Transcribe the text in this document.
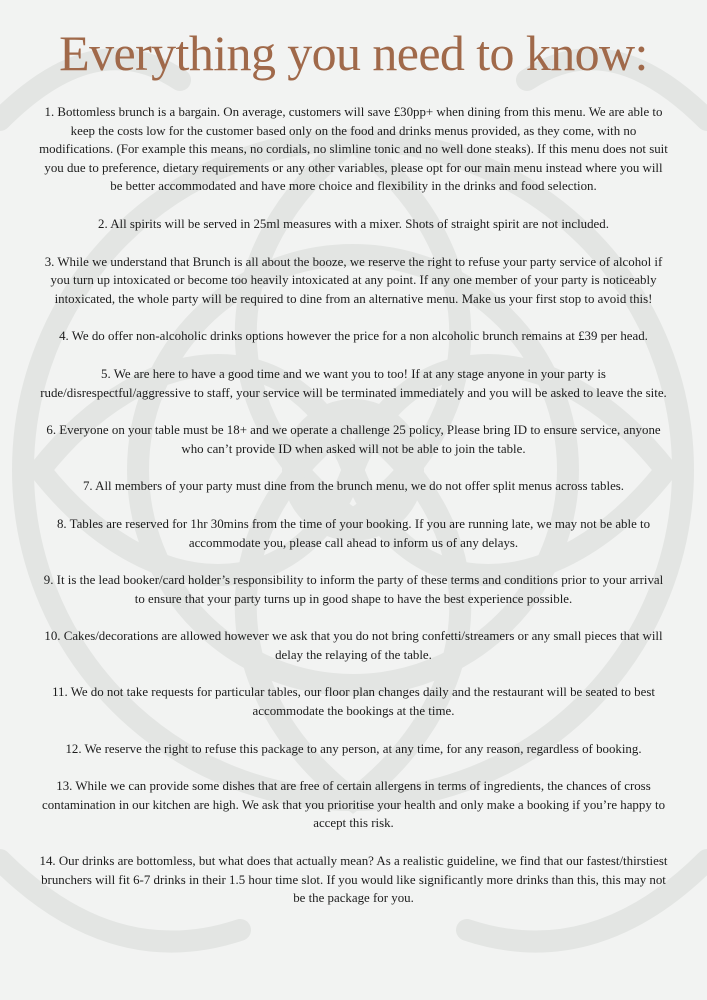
Everything you need to know:

1. Bottomless brunch is a bargain. On average, customers will save £30pp+ when dining from this menu. We are able to keep the costs low for the customer based only on the food and drinks menus provided, as they come, with no modifications. (For example this means, no cordials, no slimline tonic and no well done steaks). If this menu does not suit you due to preference, dietary requirements or any other variables, please opt for our main menu instead where you will be better accommodated and have more choice and flexibility in the drinks and food selection.

2. All spirits will be served in 25ml measures with a mixer. Shots of straight spirit are not included.

3. While we understand that Brunch is all about the booze, we reserve the right to refuse your party service of alcohol if you turn up intoxicated or become too heavily intoxicated at any point. If any one member of your party is noticeably intoxicated, the whole party will be required to dine from an alternative menu. Make us your first stop to avoid this!

4. We do offer non-alcoholic drinks options however the price for a non alcoholic brunch remains at £39 per head.

5. We are here to have a good time and we want you to too! If at any stage anyone in your party is rude/disrespectful/aggressive to staff, your service will be terminated immediately and you will be asked to leave the site.

6. Everyone on your table must be 18+ and we operate a challenge 25 policy, Please bring ID to ensure service, anyone who can’t provide ID when asked will not be able to join the table.

7. All members of your party must dine from the brunch menu, we do not offer split menus across tables.

8. Tables are reserved for 1hr 30mins from the time of your booking. If you are running late, we may not be able to accommodate you, please call ahead to inform us of any delays.

9. It is the lead booker/card holder’s responsibility to inform the party of these terms and conditions prior to your arrival to ensure that your party turns up in good shape to have the best experience possible.

10. Cakes/decorations are allowed however we ask that you do not bring confetti/streamers or any small pieces that will delay the relaying of the table.

11. We do not take requests for particular tables, our floor plan changes daily and the restaurant will be seated to best accommodate the bookings at the time.

12. We reserve the right to refuse this package to any person, at any time, for any reason, regardless of booking.

13. While we can provide some dishes that are free of certain allergens in terms of ingredients, the chances of cross contamination in our kitchen are high. We ask that you prioritise your health and only make a booking if you’re happy to accept this risk.

14. Our drinks are bottomless, but what does that actually mean? As a realistic guideline, we find that our fastest/thirstiest brunchers will fit 6-7 drinks in their 1.5 hour time slot. If you would like significantly more drinks than this, this may not be the package for you.
